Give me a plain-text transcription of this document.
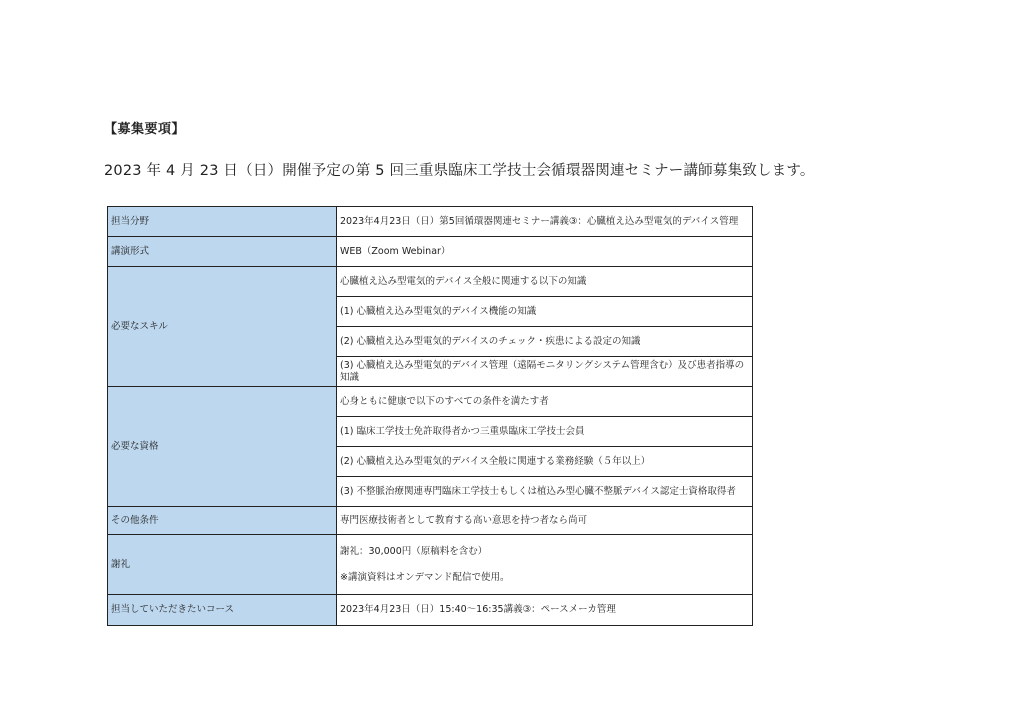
【募集要項】
2023 年 4 月 23 日（日）開催予定の第 5 回三重県臨床工学技士会循環器関連セミナー講師募集致します。
担当分野	2023年4月23日（日）第5回循環器関連セミナー講義③：心臓植え込み型電気的デバイス管理
講演形式	WEB（Zoom Webinar）
必要なスキル	心臓植え込み型電気的デバイス全般に関連する以下の知識
	(1) 心臓植え込み型電気的デバイス機能の知識
	(2) 心臓植え込み型電気的デバイスのチェック・疾患による設定の知識
	(3) 心臓植え込み型電気的デバイス管理（遠隔モニタリングシステム管理含む）及び患者指導の知識
必要な資格	心身ともに健康で以下のすべての条件を満たす者
	(1) 臨床工学技士免許取得者かつ三重県臨床工学技士会員
	(2) 心臓植え込み型電気的デバイス全般に関連する業務経験（５年以上）
	(3) 不整脈治療関連専門臨床工学技士もしくは植込み型心臓不整脈デバイス認定士資格取得者
その他条件	専門医療技術者として教育する高い意思を持つ者なら尚可
謝礼	謝礼：30,000円（原稿料を含む）
※講演資料はオンデマンド配信で使用。

担当していただきたいコース	2023年4月23日（日）15:40～16:35講義③：ペースメーカ管理
